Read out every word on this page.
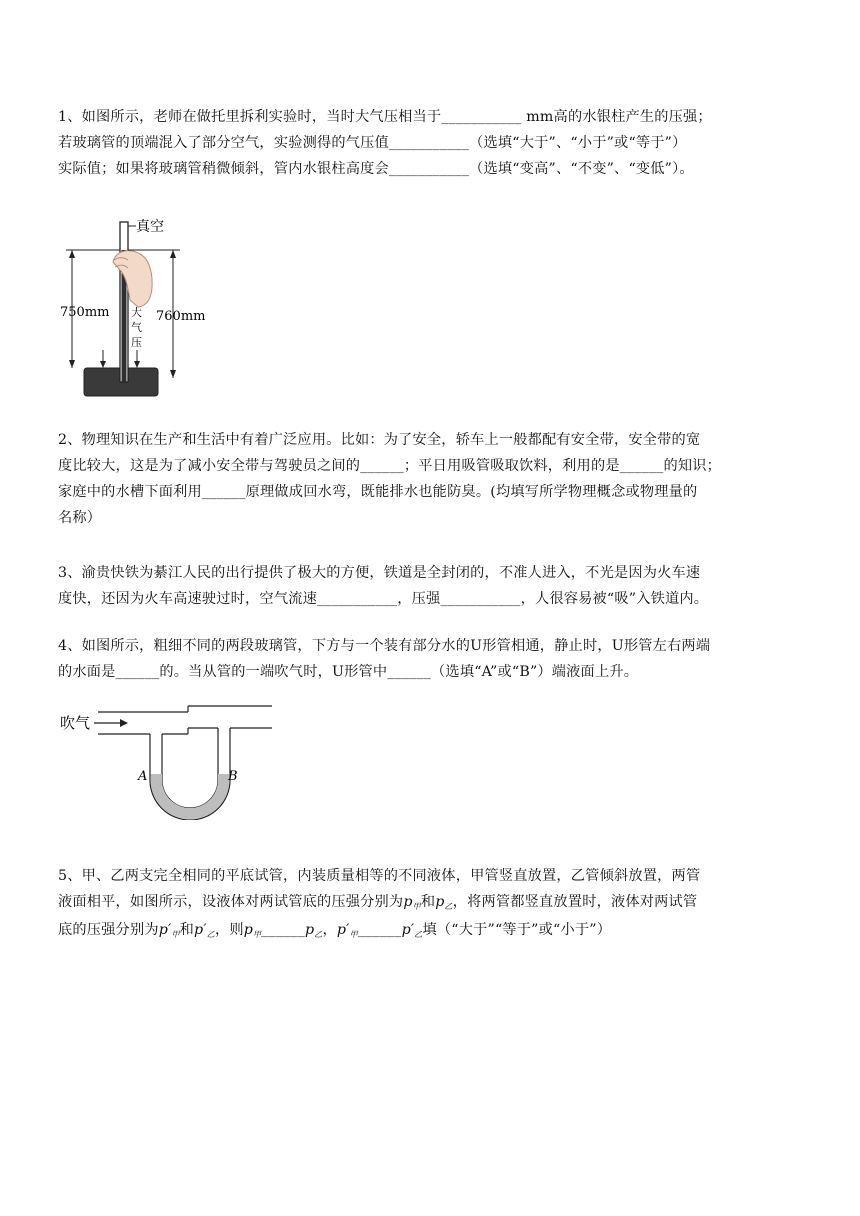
1、如图所示，老师在做托里拆利实验时，当时大气压相当于___________ mm高的水银柱产生的压强；
若玻璃管的顶端混入了部分空气，实验测得的气压值___________（选填“大于”、“小于”或“等于”）
实际值；如果将玻璃管稍微倾斜，管内水银柱高度会___________（选填“变高”、“不变”、“变低”）。
真空
750mm	760mm
大
气
压
2、物理知识在生产和生活中有着广泛应用。比如：为了安全，轿车上一般都配有安全带，安全带的宽
度比较大，这是为了减小安全带与驾驶员之间的______；平日用吸管吸取饮料，利用的是______的知识；
家庭中的水槽下面利用______原理做成回水弯，既能排水也能防臭。(均填写所学物理概念或物理量的
名称）
3、渝贵快铁为綦江人民的出行提供了极大的方便，铁道是全封闭的，不准人进入，不光是因为火车速
度快，还因为火车高速驶过时，空气流速___________，压强___________，人很容易被“吸”入铁道内。
4、如图所示，粗细不同的两段玻璃管，下方与一个装有部分水的U形管相通，静止时，U形管左右两端
的水面是______的。当从管的一端吹气时，U形管中______（选填“A”或“B”）端液面上升。
吹气
A	B
5、甲、乙两支完全相同的平底试管，内装质量相等的不同液体，甲管竖直放置，乙管倾斜放置，两管
液面相平，如图所示，设液体对两试管底的压强分别为$p_甲$和$p_乙$，将两管都竖直放置时，液体对两试管
底的压强分别为$p'_甲$和$p'_乙$，则$p_甲\_\_\_\_\_\_p_乙$，$p'_甲\_\_\_\_\_\_p'_乙$填（“大于”“等于”或“小于”）
